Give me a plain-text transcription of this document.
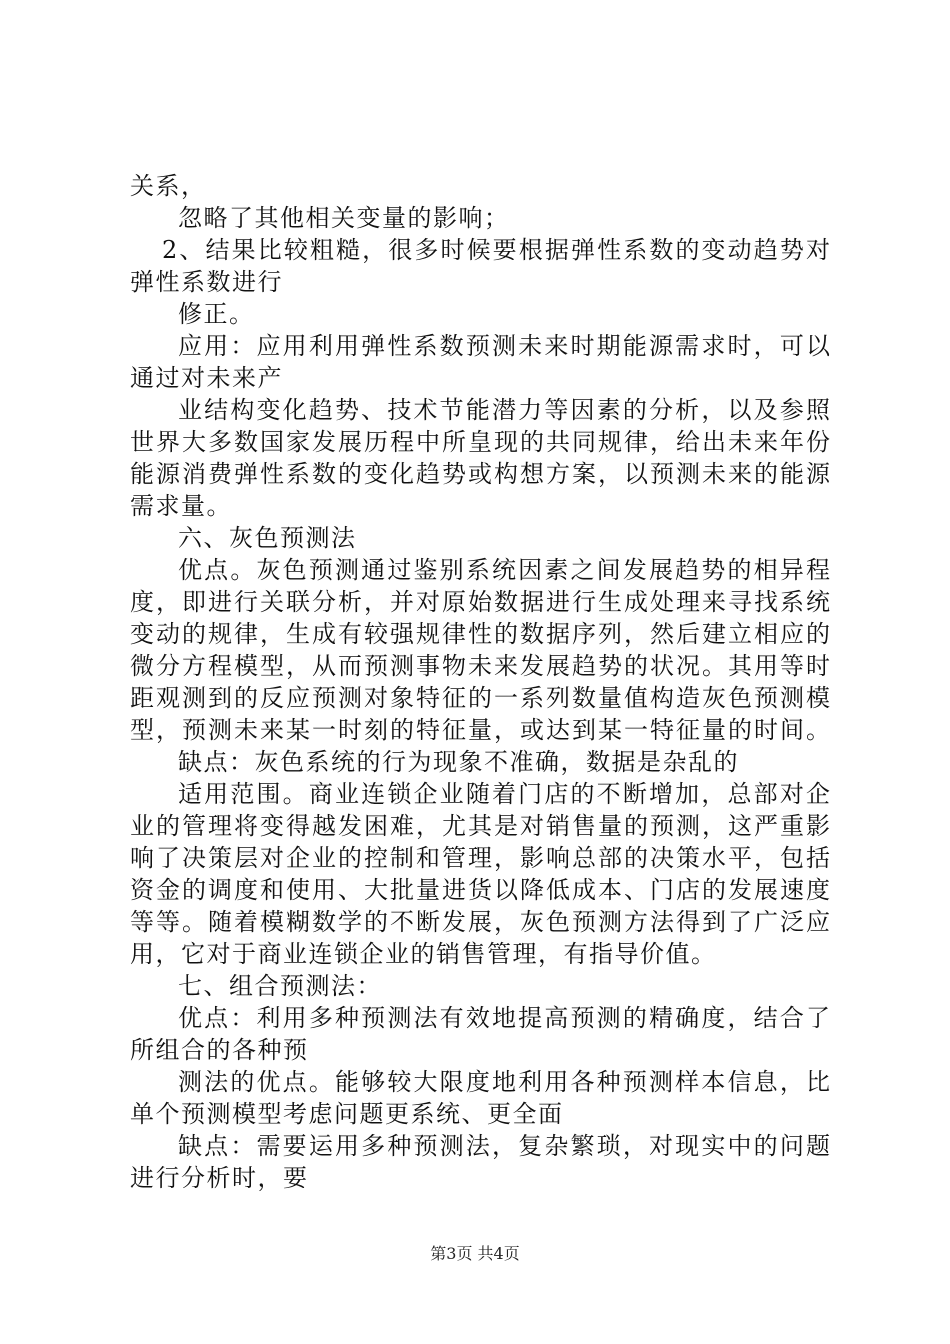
关系，
忽略了其他相关变量的影响；
2、结果比较粗糙，很多时候要根据弹性系数的变动趋势对
弹性系数进行
修正。
应用：应用利用弹性系数预测未来时期能源需求时，可以
通过对未来产
业结构变化趋势、技术节能潜力等因素的分析，以及参照
世界大多数国家发展历程中所皇现的共同规律，给出未来年份
能源消费弹性系数的变化趋势或构想方案，以预测未来的能源
需求量。
六、灰色预测法
优点。灰色预测通过鉴别系统因素之间发展趋势的相异程
度，即进行关联分析，并对原始数据进行生成处理来寻找系统
变动的规律，生成有较强规律性的数据序列，然后建立相应的
微分方程模型，从而预测事物未来发展趋势的状况。其用等时
距观测到的反应预测对象特征的一系列数量值构造灰色预测模
型，预测未来某一时刻的特征量，或达到某一特征量的时间。
缺点：灰色系统的行为现象不准确，数据是杂乱的
适用范围。商业连锁企业随着门店的不断增加，总部对企
业的管理将变得越发困难，尤其是对销售量的预测，这严重影
响了决策层对企业的控制和管理，影响总部的决策水平，包括
资金的调度和使用、大批量进货以降低成本、门店的发展速度
等等。随着模糊数学的不断发展，灰色预测方法得到了广泛应
用，它对于商业连锁企业的销售管理，有指导价值。
七、组合预测法：
优点：利用多种预测法有效地提高预测的精确度，结合了
所组合的各种预
测法的优点。能够较大限度地利用各种预测样本信息，比
单个预测模型考虑问题更系统、更全面
缺点：需要运用多种预测法，复杂繁琐，对现实中的问题
进行分析时，要
第3页 共4页
